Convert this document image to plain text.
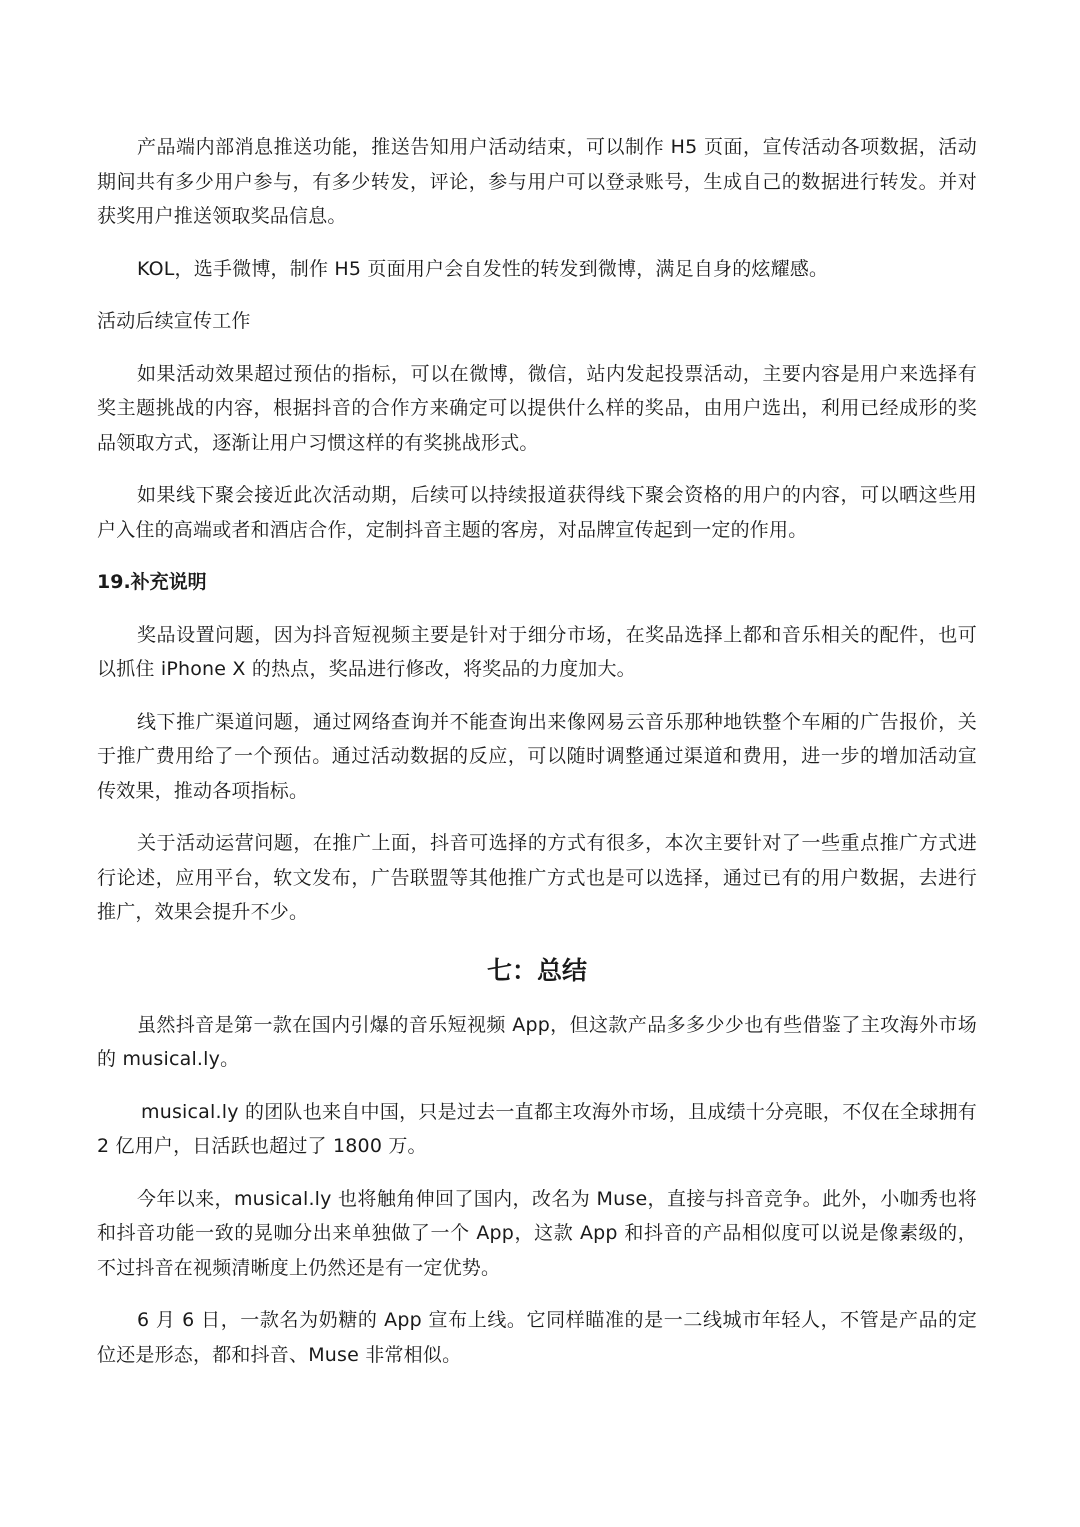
产品端内部消息推送功能，推送告知用户活动结束，可以制作 H5 页面，宣传活动各项数据，活动期间共有多少用户参与，有多少转发，评论，参与用户可以登录账号，生成自己的数据进行转发。并对获奖用户推送领取奖品信息。

KOL，选手微博，制作 H5 页面用户会自发性的转发到微博，满足自身的炫耀感。

活动后续宣传工作

如果活动效果超过预估的指标，可以在微博，微信，站内发起投票活动，主要内容是用户来选择有奖主题挑战的内容，根据抖音的合作方来确定可以提供什么样的奖品，由用户选出，利用已经成形的奖品领取方式，逐渐让用户习惯这样的有奖挑战形式。

如果线下聚会接近此次活动期，后续可以持续报道获得线下聚会资格的用户的内容，可以晒这些用户入住的高端或者和酒店合作，定制抖音主题的客房，对品牌宣传起到一定的作用。

19.补充说明

奖品设置问题，因为抖音短视频主要是针对于细分市场，在奖品选择上都和音乐相关的配件，也可以抓住 iPhone X 的热点，奖品进行修改，将奖品的力度加大。

线下推广渠道问题，通过网络查询并不能查询出来像网易云音乐那种地铁整个车厢的广告报价，关于推广费用给了一个预估。通过活动数据的反应，可以随时调整通过渠道和费用，进一步的增加活动宣传效果，推动各项指标。

关于活动运营问题，在推广上面，抖音可选择的方式有很多，本次主要针对了一些重点推广方式进行论述，应用平台，软文发布，广告联盟等其他推广方式也是可以选择，通过已有的用户数据，去进行推广，效果会提升不少。

七：总结

虽然抖音是第一款在国内引爆的音乐短视频 App，但这款产品多多少少也有些借鉴了主攻海外市场的 musical.ly。

musical.ly 的团队也来自中国，只是过去一直都主攻海外市场，且成绩十分亮眼，不仅在全球拥有 2 亿用户，日活跃也超过了 1800 万。

今年以来，musical.ly 也将触角伸回了国内，改名为 Muse，直接与抖音竞争。此外，小咖秀也将和抖音功能一致的晃咖分出来单独做了一个 App，这款 App 和抖音的产品相似度可以说是像素级的，不过抖音在视频清晰度上仍然还是有一定优势。

6 月 6 日，一款名为奶糖的 App 宣布上线。它同样瞄准的是一二线城市年轻人，不管是产品的定位还是形态，都和抖音、Muse 非常相似。
